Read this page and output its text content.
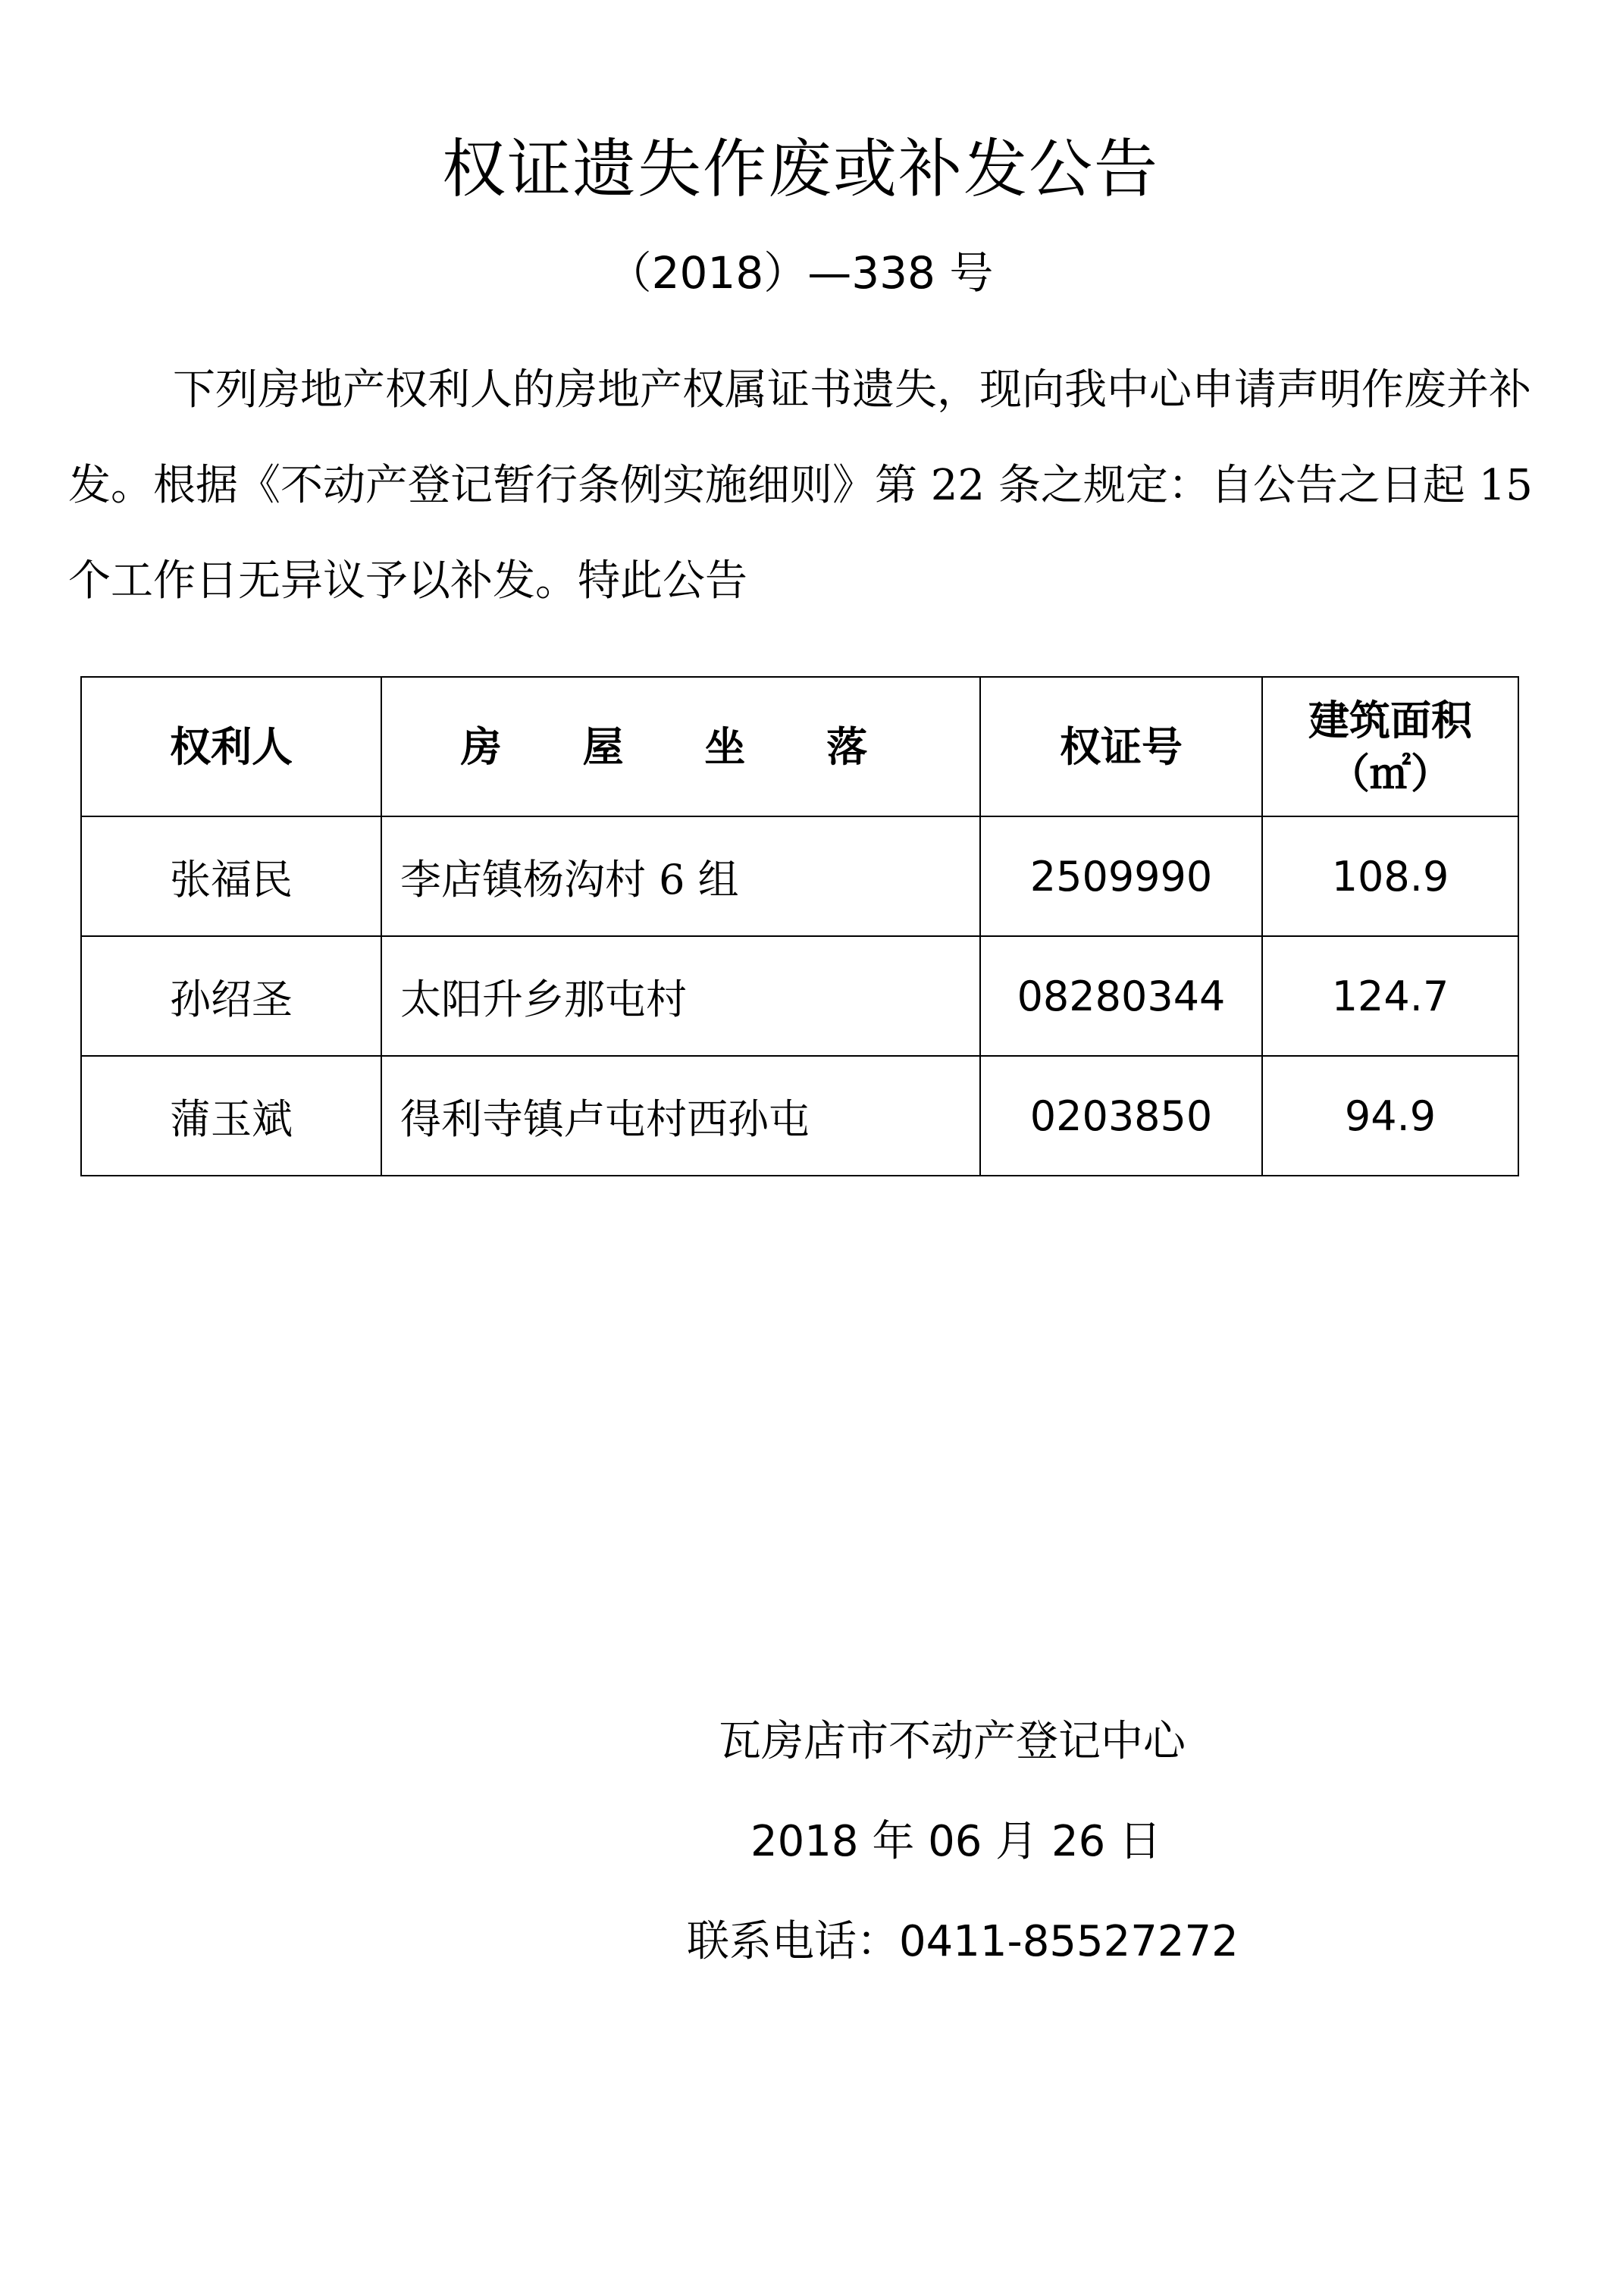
权证遗失作废或补发公告
（2018）—338 号

下列房地产权利人的房地产权属证书遗失，现向我中心申请声明作废并补发。根据《不动产登记暂行条例实施细则》第 22 条之规定：自公告之日起 15 个工作日无异议予以补发。特此公告

权利人	房 屋 坐 落	权证号	建筑面积
（㎡）

张福民	李店镇杨沟村 6 组	2509990	108.9
孙绍圣	太阳升乡那屯村	08280344	124.7
蒲玉斌	得利寺镇卢屯村西孙屯	0203850	94.9
瓦房店市不动产登记中心
2018 年 06 月 26 日
联系电话：0411-85527272
